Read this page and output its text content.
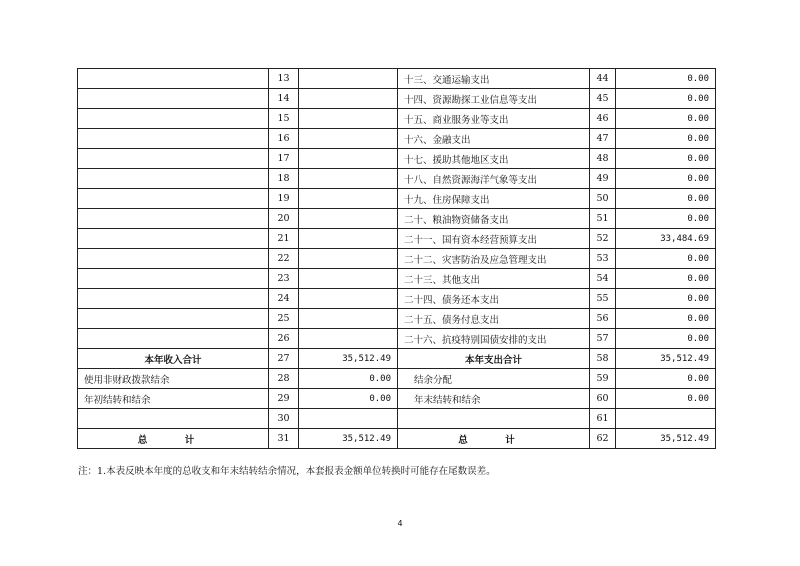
	13		十三、交通运输支出	44	0.00
	14		十四、资源勘探工业信息等支出	45	0.00
	15		十五、商业服务业等支出	46	0.00
	16		十六、金融支出	47	0.00
	17		十七、援助其他地区支出	48	0.00
	18		十八、自然资源海洋气象等支出	49	0.00
	19		十九、住房保障支出	50	0.00
	20		二十、粮油物资储备支出	51	0.00
	21		二十一、国有资本经营预算支出	52	33,484.69
	22		二十二、灾害防治及应急管理支出	53	0.00
	23		二十三、其他支出	54	0.00
	24		二十四、债务还本支出	55	0.00
	25		二十五、债务付息支出	56	0.00
	26		二十六、抗疫特别国债安排的支出	57	0.00
本年收入合计	27	35,512.49	本年支出合计	58	35,512.49
使用非财政拨款结余	28	0.00	结余分配	59	0.00
年初结转和结余	29	0.00	年末结转和结余	60	0.00
	30			61	
总　计	31	35,512.49	总　计	62	35,512.49
注：1.本表反映本年度的总收支和年末结转结余情况，本套报表金额单位转换时可能存在尾数误差。
4
